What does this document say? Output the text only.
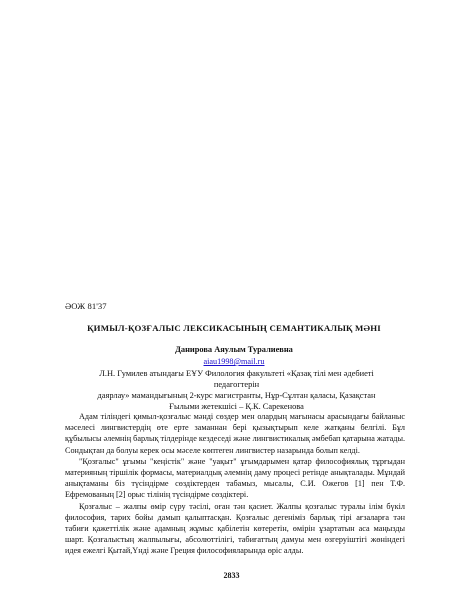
ӘОЖ 81'37
ҚИМЫЛ-ҚОЗҒАЛЫС ЛЕКСИКАСЫНЫҢ СЕМАНТИКАЛЫҚ МӘНІ
Данирова Аяулым Туралиевна
aiau1998@mail.ru
Л.Н. Гумилев атындағы ЕҰУ Филология факультеті «Қазақ тілі мен әдебиеті педагогтерін
даярлау» мамандығының 2-курс магистранты, Нұр-Сұлтан қаласы, Қазақстан
Ғылыми жетекшісі – Қ.К. Сарекенова

Адам тіліндегі қимыл-қозғалыс мәнді сөздер мен олардың мағынасы арасындағы байланыс мәселесі лингвистердің өте ерте заманнан бері қызықтырып келе жатқаны белгілі. Бұл құбылысы әлемнің барлық тілдерінде кездеседі және лингвистикалық әмбебап қатарына жатады. Сондықтан да болуы керек осы мәселе көптеген лингвистер назарында болып келді.

"Қозғалыс" ұғымы "кеңістік" және "уақыт" ұғымдарымен қатар философиялық тұрғыдан материяның тіршілік формасы, материалдық әлемнің даму процесі ретінде анықталады. Мұндай анықтаманы біз түсіндірме сөздіктерден табамыз, мысалы, С.И. Ожегов [1] пен Т.Ф. Ефремованың [2] орыс тілінің түсіндірме сөздіктері.

Қозғалыс – жалпы өмір сүру тәсілі, оған тән қасиет. Жалпы қозғалыс туралы ілім бүкіл философия, тарих бойы дамып қалыптасқан. Қозғалыс дегеніміз барлық тірі ағзаларға тән табиғи қажеттілік және адамның жұмыс қабілетін көтеретін, өмірін ұзартатын аса маңызды шарт. Қозғалыстың жалпылығы, абсолюттілігі, табиғаттың дамуы мен өзгеруіштігі жөніндегі идея ежелгі Қытай,Үнді және Греция философияларында өріс алды.

2833
